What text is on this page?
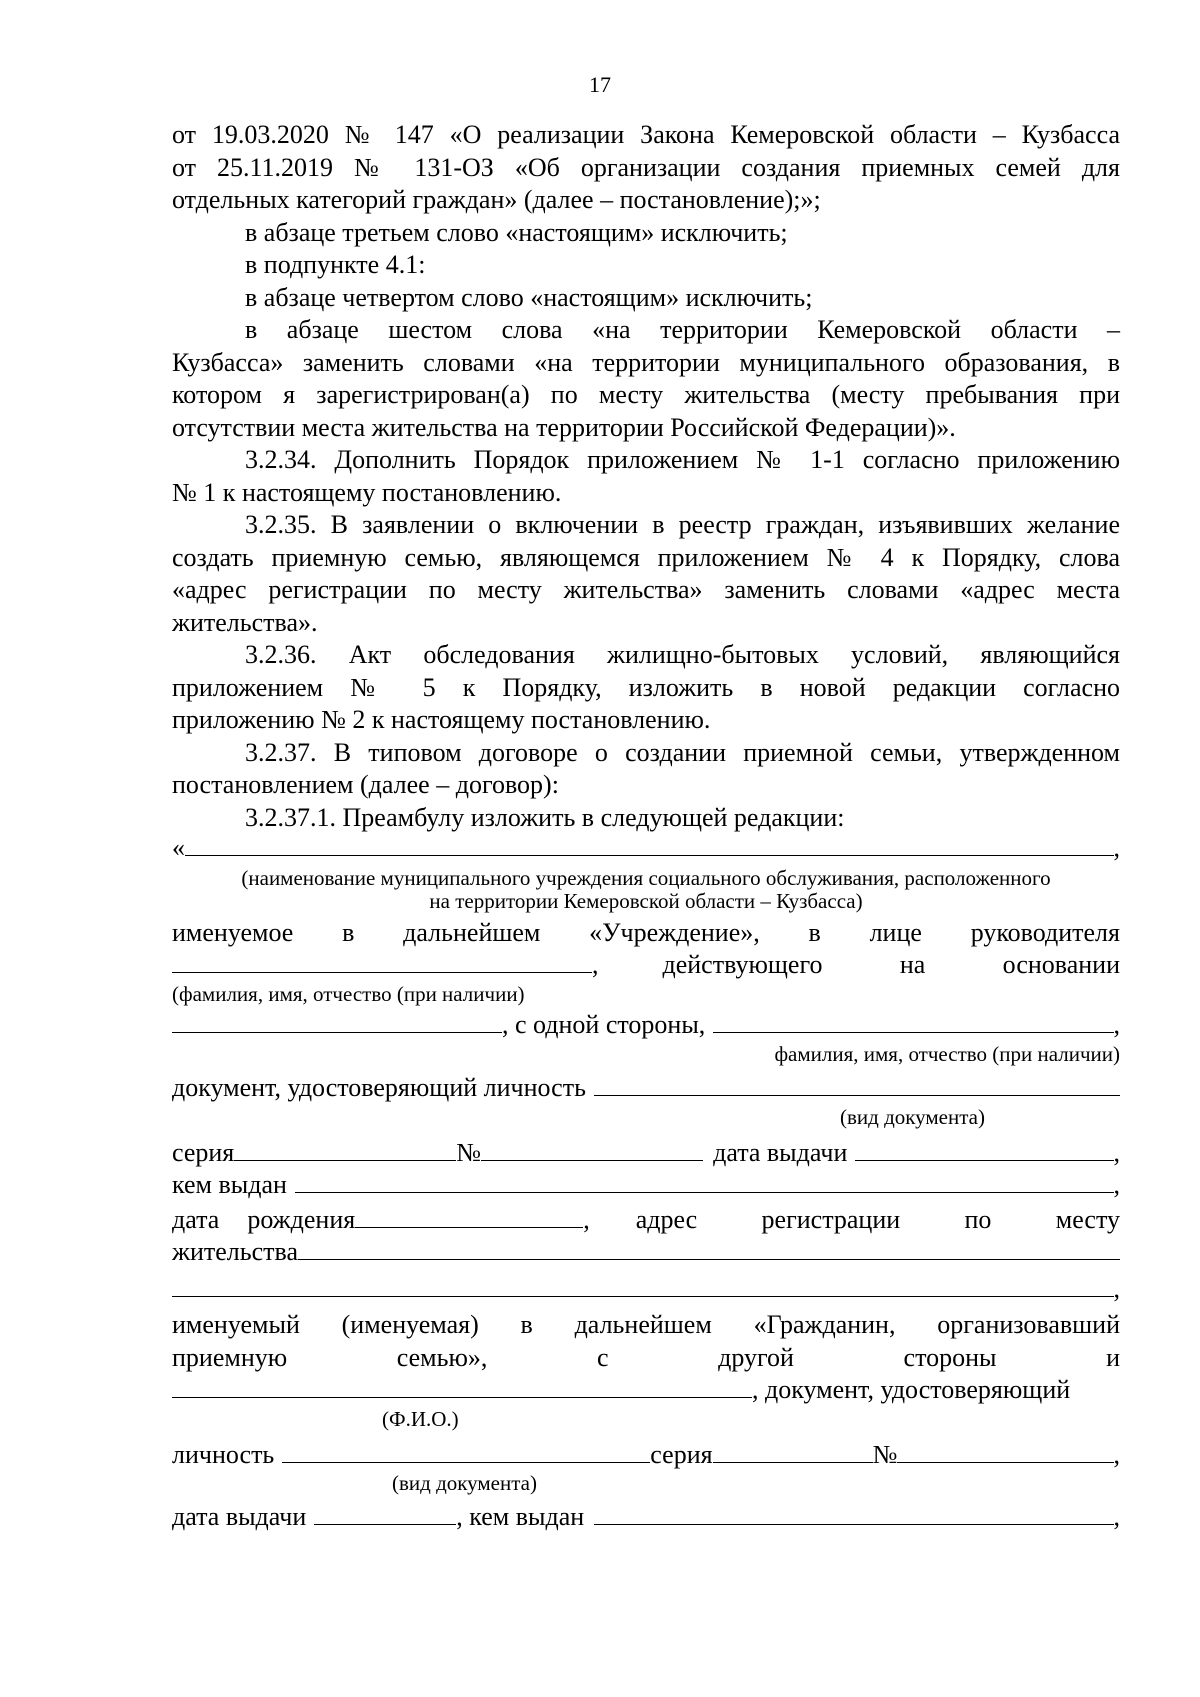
17
от 19.03.2020 № 147 «О реализации Закона Кемеровской области – Кузбасса
от 25.11.2019 № 131-ОЗ «Об организации создания приемных семей для
отдельных категорий граждан» (далее – постановление);»;
в абзаце третьем слово «настоящим» исключить;
в подпункте 4.1:
в абзаце четвертом слово «настоящим» исключить;
в абзаце шестом слова «на территории Кемеровской области –
Кузбасса» заменить словами «на территории муниципального образования, в
котором я зарегистрирован(а) по месту жительства (месту пребывания при
отсутствии места жительства на территории Российской Федерации)».
3.2.34. Дополнить Порядок приложением № 1-1 согласно приложению
№ 1 к настоящему постановлению.
3.2.35. В заявлении о включении в реестр граждан, изъявивших желание
создать приемную семью, являющемся приложением № 4 к Порядку, слова
«адрес регистрации по месту жительства» заменить словами «адрес места
жительства».
3.2.36. Акт обследования жилищно-бытовых условий, являющийся
приложением № 5 к Порядку, изложить в новой редакции согласно
приложению № 2 к настоящему постановлению.
3.2.37. В типовом договоре о создании приемной семьи, утвержденном
постановлением (далее – договор):
3.2.37.1. Преамбулу изложить в следующей редакции:
«	,
(наименование муниципального учреждения социального обслуживания, расположенного
на территории Кемеровской области – Кузбасса)
именуемое в дальнейшем «Учреждение», в лице руководителя
, действующего	на	основании
(фамилия, имя, отчество (при наличии)
, с одной стороны,	,
фамилия, имя, отчество (при наличии)
документ, удостоверяющий личность
(вид документа)
серия	№	дата выдачи	,
кем выдан	,
дата рождения	, адрес регистрации по месту
жительства
,
именуемый (именуемая) в дальнейшем «Гражданин, организовавший
приемную семью», с другой стороны и
, документ, удостоверяющий
(Ф.И.О.)
личность	серия	№	,
(вид документа)
дата выдачи	, кем выдан	,
